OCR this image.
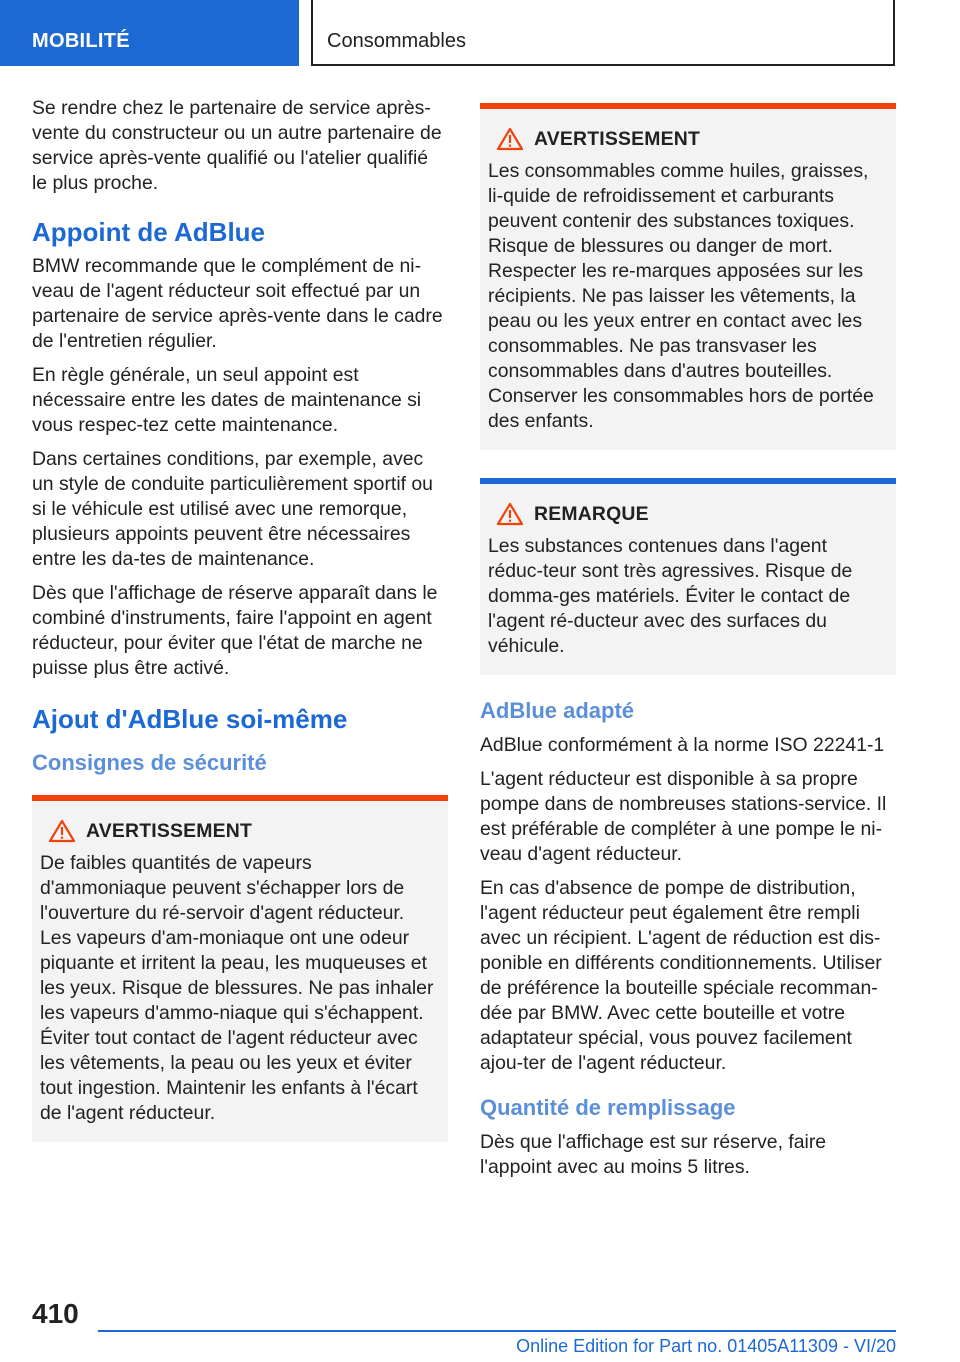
MOBILITÉ	Consommables

Se rendre chez le partenaire de service après-vente du constructeur ou un autre partenaire de service après-vente qualifié ou l'atelier qualifié le plus proche.

Appoint de AdBlue

BMW recommande que le complément de ni-veau de l'agent réducteur soit effectué par un partenaire de service après-vente dans le cadre de l'entretien régulier.

En règle générale, un seul appoint est nécessaire entre les dates de maintenance si vous respec-tez cette maintenance.

Dans certaines conditions, par exemple, avec un style de conduite particulièrement sportif ou si le véhicule est utilisé avec une remorque, plusieurs appoints peuvent être nécessaires entre les da-tes de maintenance.

Dès que l'affichage de réserve apparaît dans le combiné d'instruments, faire l'appoint en agent réducteur, pour éviter que l'état de marche ne puisse plus être activé.

Ajout d'AdBlue soi-même
Consignes de sécurité
AVERTISSEMENT

De faibles quantités de vapeurs d'ammoniaque peuvent s'échapper lors de l'ouverture du ré-servoir d'agent réducteur. Les vapeurs d'am-moniaque ont une odeur piquante et irritent la peau, les muqueuses et les yeux. Risque de blessures. Ne pas inhaler les vapeurs d'ammo-niaque qui s'échappent. Éviter tout contact de l'agent réducteur avec les vêtements, la peau ou les yeux et éviter tout ingestion. Maintenir les enfants à l'écart de l'agent réducteur.

AVERTISSEMENT

Les consommables comme huiles, graisses, li-quide de refroidissement et carburants peuvent contenir des substances toxiques. Risque de blessures ou danger de mort. Respecter les re-marques apposées sur les récipients. Ne pas laisser les vêtements, la peau ou les yeux entrer en contact avec les consommables. Ne pas transvaser les consommables dans d'autres bouteilles. Conserver les consommables hors de portée des enfants.

REMARQUE

Les substances contenues dans l'agent réduc-teur sont très agressives. Risque de domma-ges matériels. Éviter le contact de l'agent ré-ducteur avec des surfaces du véhicule.

AdBlue adapté

AdBlue conformément à la norme ISO 22241-1

L'agent réducteur est disponible à sa propre pompe dans de nombreuses stations-service. Il est préférable de compléter à une pompe le ni-veau d'agent réducteur.

En cas d'absence de pompe de distribution, l'agent réducteur peut également être rempli avec un récipient. L'agent de réduction est dis-ponible en différents conditionnements. Utiliser de préférence la bouteille spéciale recomman-dée par BMW. Avec cette bouteille et votre adaptateur spécial, vous pouvez facilement ajou-ter de l'agent réducteur.

Quantité de remplissage

Dès que l'affichage est sur réserve, faire l'appoint avec au moins 5 litres.

410
Online Edition for Part no. 01405A11309 - VI/20
